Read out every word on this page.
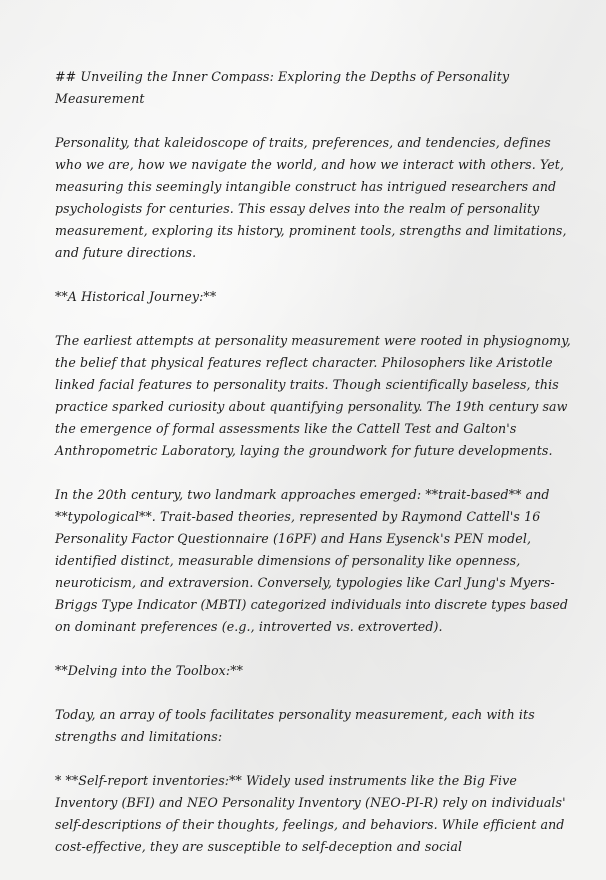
## Unveiling the Inner Compass: Exploring the Depths of Personality Measurement

Personality, that kaleidoscope of traits, preferences, and tendencies, defines who we are, how we navigate the world, and how we interact with others. Yet, measuring this seemingly intangible construct has intrigued researchers and psychologists for centuries. This essay delves into the realm of personality measurement, exploring its history, prominent tools, strengths and limitations, and future directions.

**A Historical Journey:**

The earliest attempts at personality measurement were rooted in physiognomy, the belief that physical features reflect character. Philosophers like Aristotle linked facial features to personality traits. Though scientifically baseless, this practice sparked curiosity about quantifying personality. The 19th century saw the emergence of formal assessments like the Cattell Test and Galton's Anthropometric Laboratory, laying the groundwork for future developments.

In the 20th century, two landmark approaches emerged: **trait-based** and **typological**. Trait-based theories, represented by Raymond Cattell's 16 Personality Factor Questionnaire (16PF) and Hans Eysenck's PEN model, identified distinct, measurable dimensions of personality like openness, neuroticism, and extraversion. Conversely, typologies like Carl Jung's Myers-Briggs Type Indicator (MBTI) categorized individuals into discrete types based on dominant preferences (e.g., introverted vs. extroverted).

**Delving into the Toolbox:**

Today, an array of tools facilitates personality measurement, each with its strengths and limitations:

* **Self-report inventories:** Widely used instruments like the Big Five Inventory (BFI) and NEO Personality Inventory (NEO-PI-R) rely on individuals' self-descriptions of their thoughts, feelings, and behaviors. While efficient and cost-effective, they are susceptible to self-deception and social
